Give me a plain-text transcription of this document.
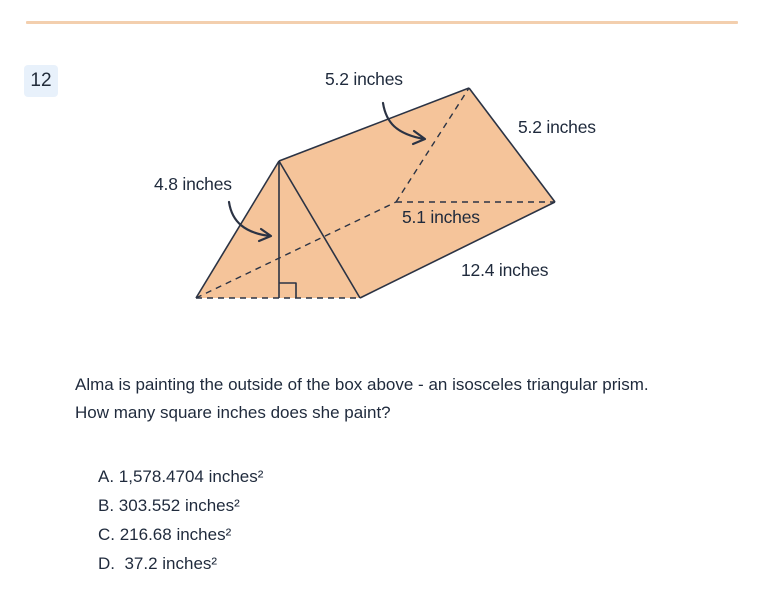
12	5.2 inches
5.2 inches
4.8 inches
5.1 inches
12.4 inches

Alma is painting the outside of the box above - an isosceles triangular prism.

How many square inches does she paint?

A. 1,578.4704 inches²
B. 303.552 inches²
C. 216.68 inches²
D.  37.2 inches²
